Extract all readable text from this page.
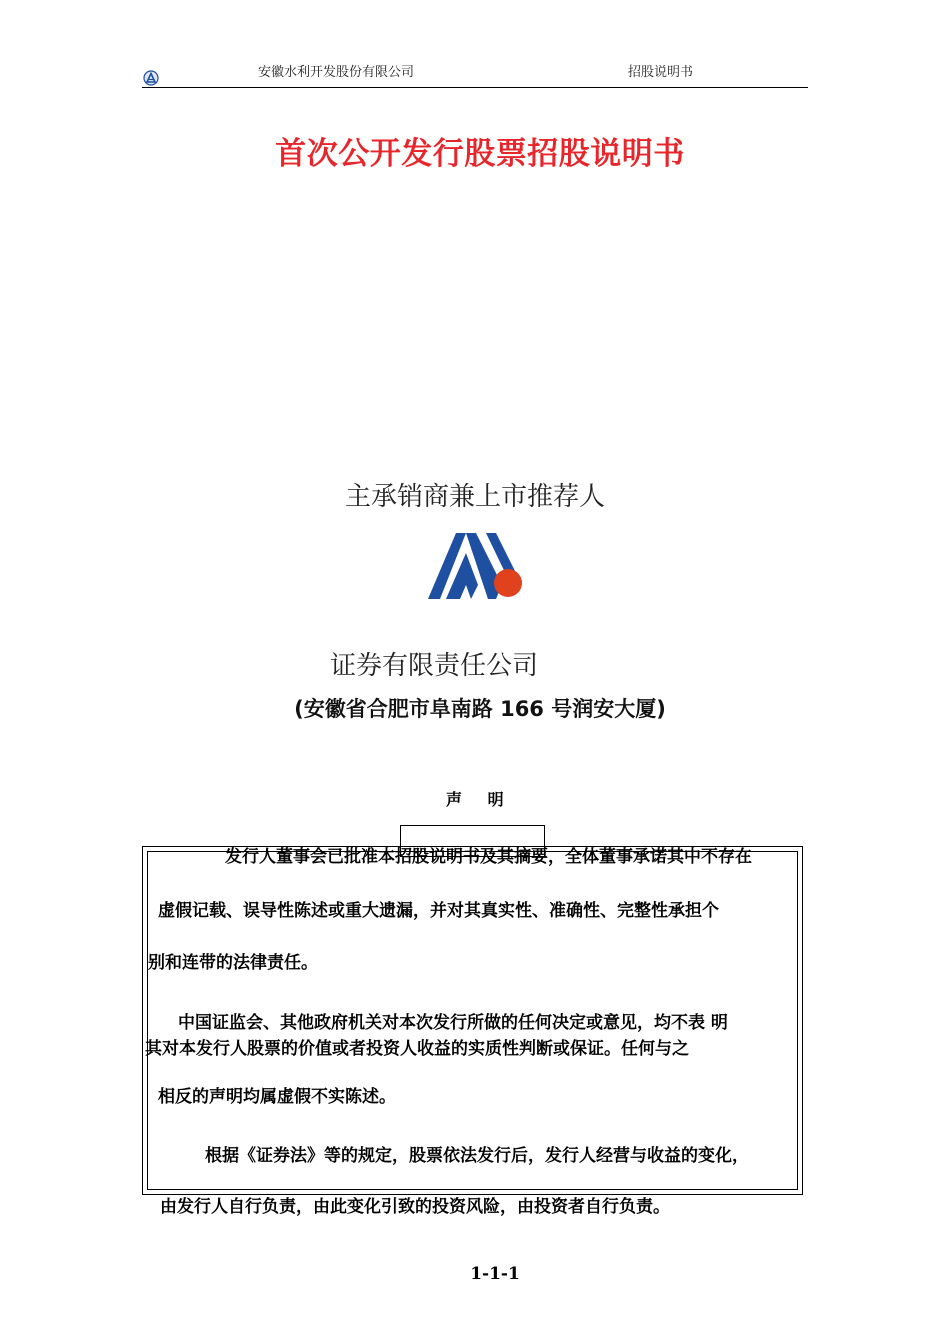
安徽水利开发股份有限公司	招股说明书
首次公开发行股票招股说明书
主承销商兼上市推荐人
证券有限责任公司
(安徽省合肥市阜南路 166 号润安大厦)
声 明
发行人董事会已批准本招股说明书及其摘要，全体董事承诺其中不存在
虚假记载、误导性陈述或重大遗漏，并对其真实性、准确性、完整性承担个
别和连带的法律责任。
中国证监会、其他政府机关对本次发行所做的任何决定或意见，均不表 明
其对本发行人股票的价值或者投资人收益的实质性判断或保证。任何与之
相反的声明均属虚假不实陈述。
根据《证券法》等的规定，股票依法发行后，发行人经营与收益的变化，
由发行人自行负责，由此变化引致的投资风险，由投资者自行负责。
1-1-1
